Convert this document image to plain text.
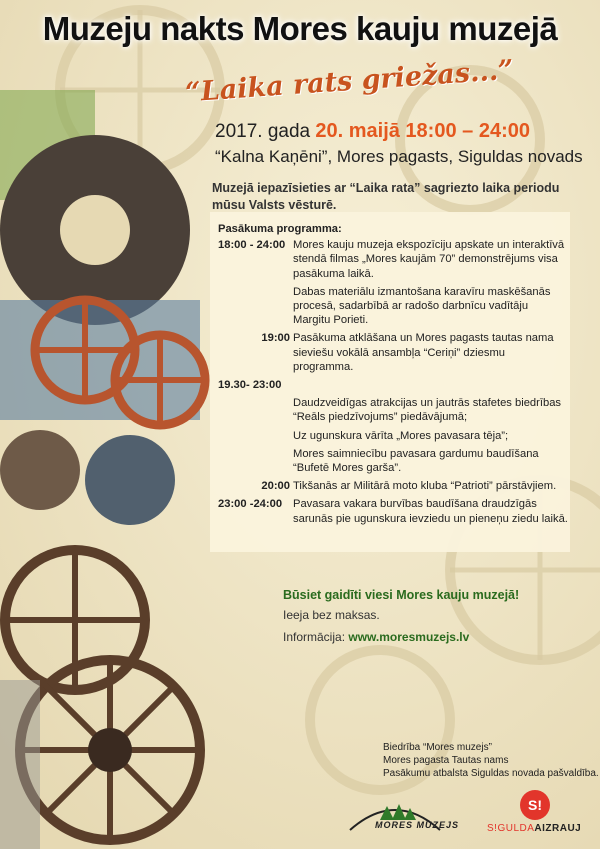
Muzeju nakts Mores kauju muzejā
“Laika rats griežas...”
2017. gada 20. maijā 18:00 – 24:00
“Kalna Kaņēni”, Mores pagasts, Siguldas novads
Muzejā iepazīsieties ar “Laika rata” sagriezto laika periodu mūsu Valsts vēsturē.
Pasākuma programma:
18:00 - 24:00 Mores kauju muzeja ekspozīciju apskate un interaktīvā stendā filmas „Mores kaujām 70” demonstrējums visa pasākuma laikā.
Dabas materiālu izmantošana karavīru maskēšanās procesā, sadarbībā ar radošo darbnīcu vadītāju Margitu Porieti.
19:00 Pasākuma atklāšana un Mores pagasts tautas nama sieviešu vokālā ansambļa “Ceriņi” dziesmu programma.
19.30- 23:00
Daudzveidīgas atrakcijas un jautrās stafetes biedrības “Reāls piedzīvojums” piedāvājumā;
Uz ugunskura vārīta „Mores pavasara tēja”;
Mores saimniecību pavasara gardumu baudīšana “Bufetē Mores garša”.
20:00 Tikšanās ar Militārā moto kluba “Patrioti” pārstāvjiem.
23:00 -24:00 Pavasara vakara burvības baudīšana draudzīgās sarunās pie ugunskura ievziedu un pieneņu ziedu laikā.
Būsiet gaidīti viesi Mores kauju muzejā!
Ieeja bez maksas.
Informācija: www.moresmuzejs.lv
Biedrība “Mores muzejs”
Mores pagasta Tautas nams
Pasākumu atbalsta Siguldas novada pašvaldība.
MORES MUZEJS
S!
S!GULDAAIZRAUJ
